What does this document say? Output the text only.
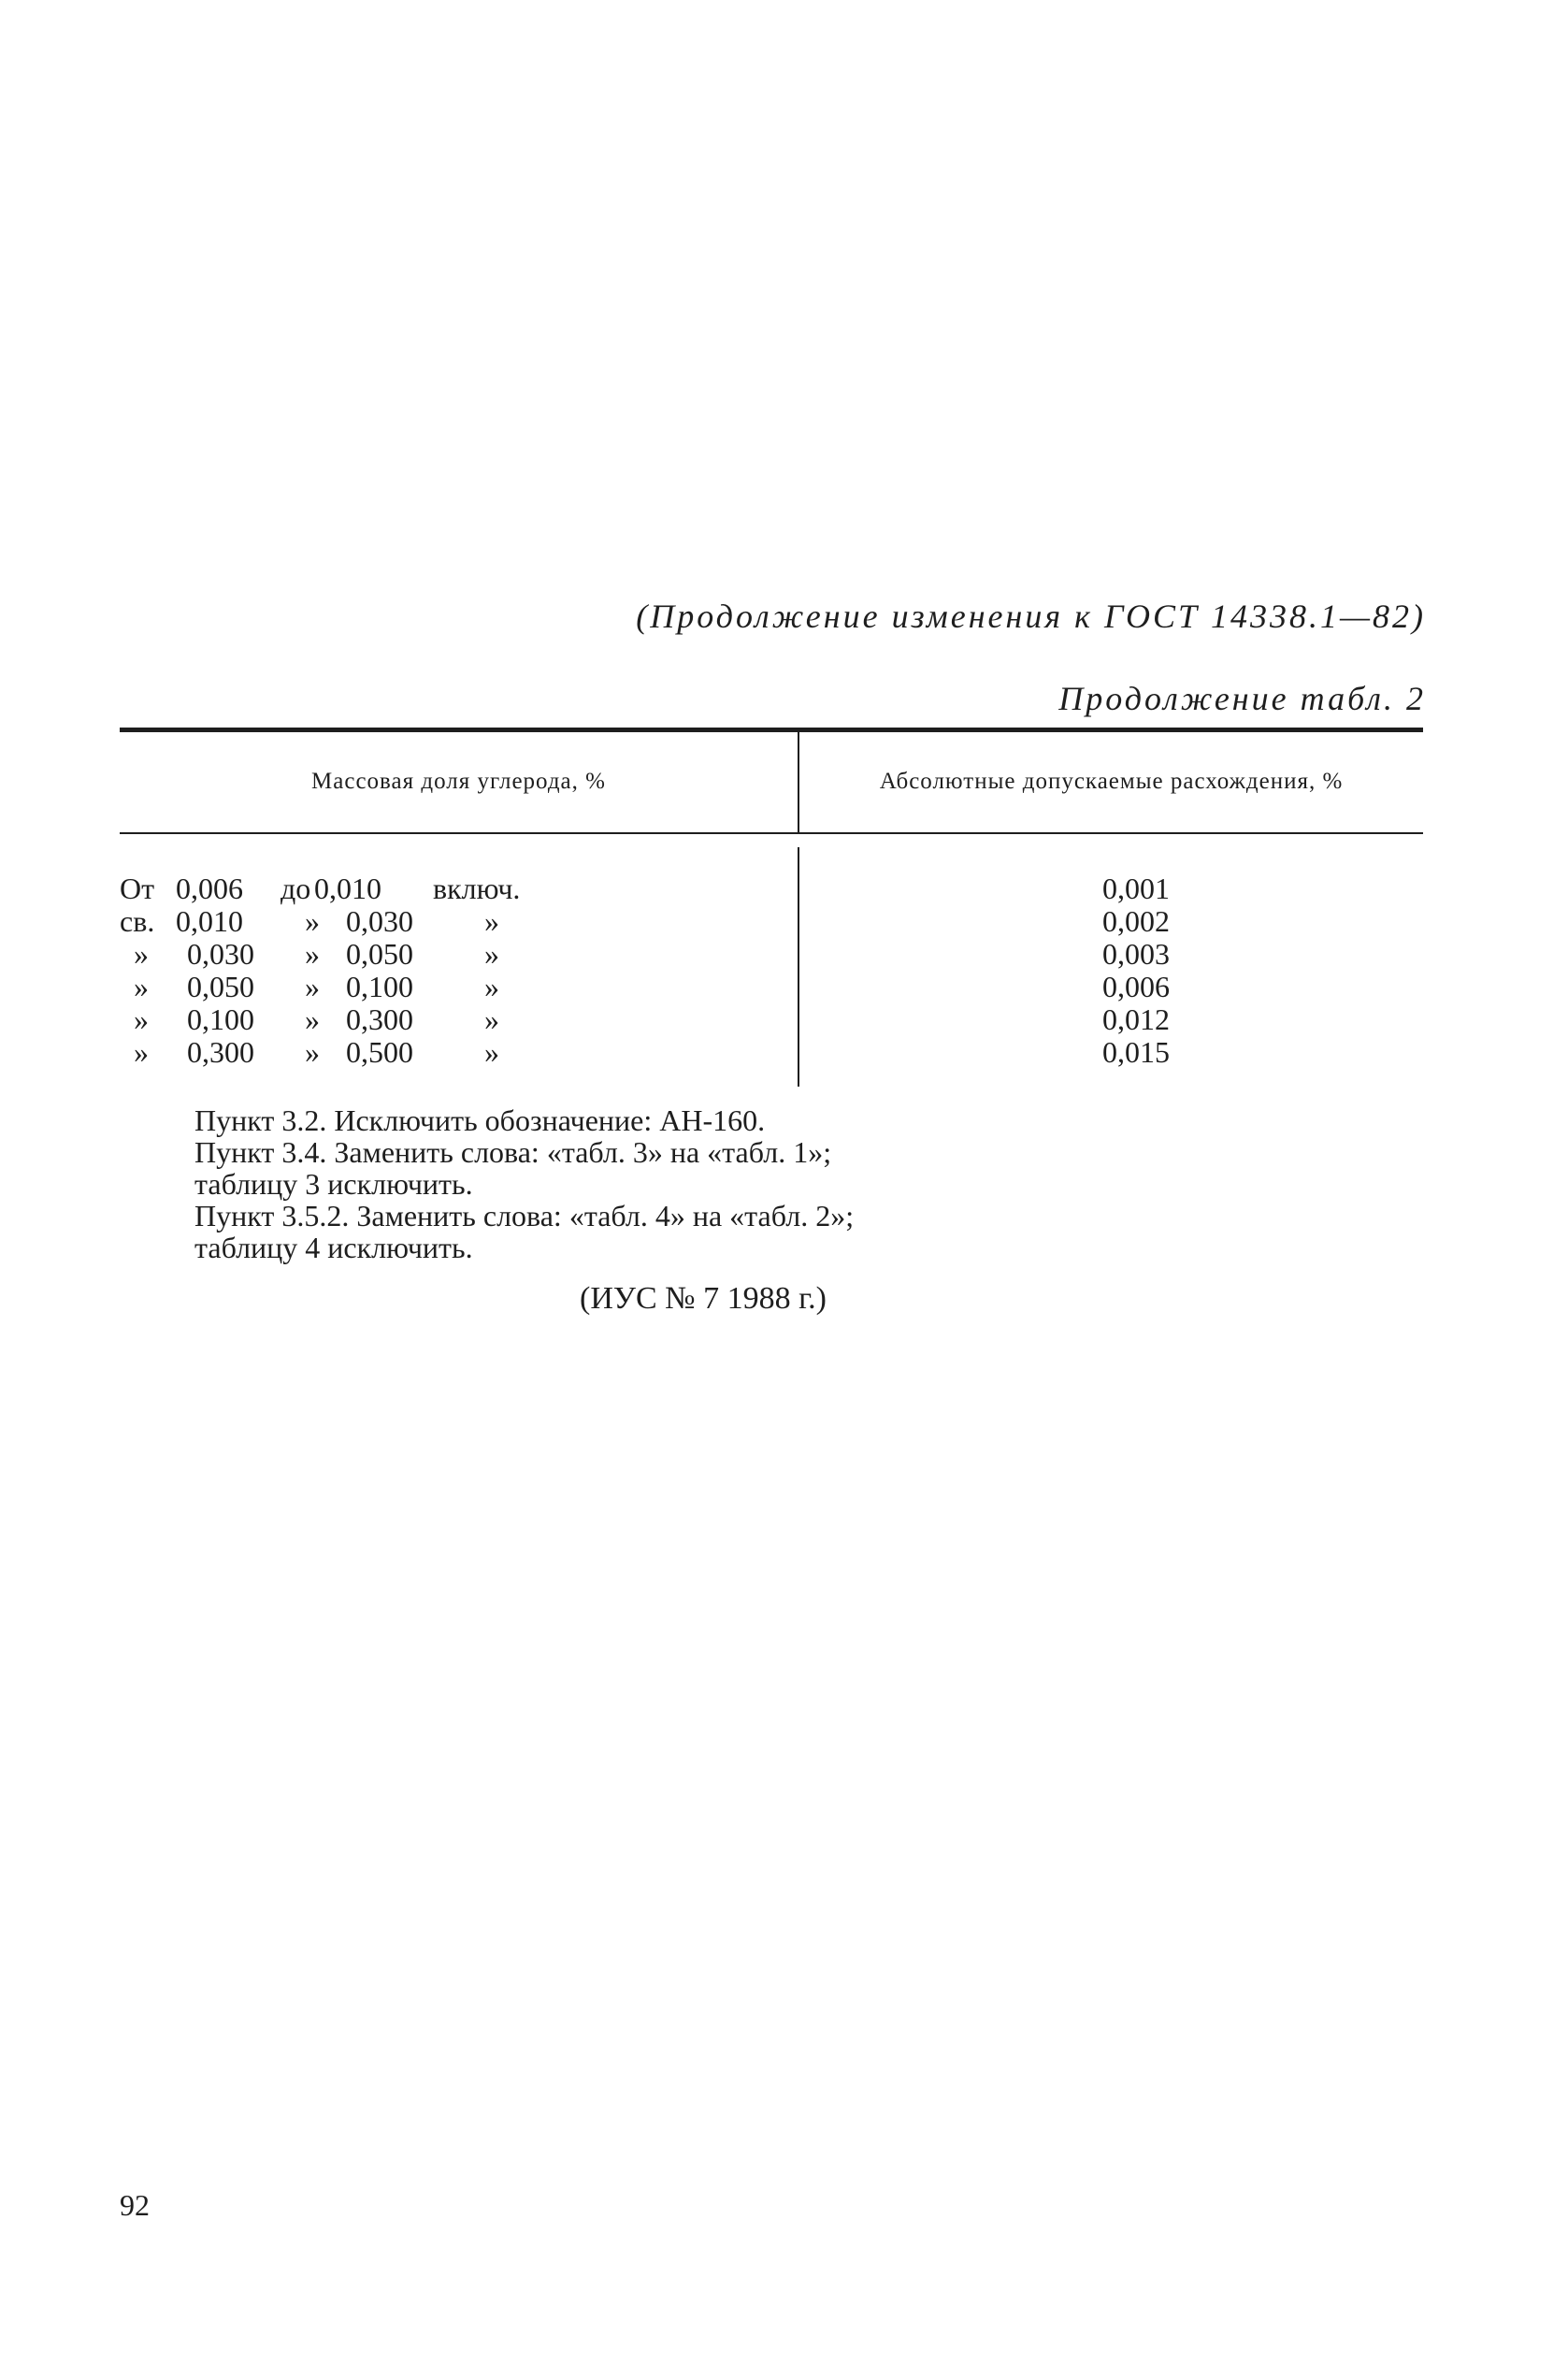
(Продолжение изменения к ГОСТ 14338.1—82)
Продолжение табл. 2
Массовая доля углерода, %	Абсолютные допускаемые расхождения, %
От 0,006 до 0,010 включ.	0,001
св. 0,010 » 0,030 »	0,002
» 0,030 » 0,050 »	0,003
» 0,050 » 0,100 »	0,006
» 0,100 » 0,300 »	0,012
» 0,300 » 0,500 »	0,015
Пункт 3.2. Исключить обозначение: АН-160.
Пункт 3.4. Заменить слова: «табл. 3» на «табл. 1»;
таблицу 3 исключить.
Пункт 3.5.2. Заменить слова: «табл. 4» на «табл. 2»;
таблицу 4 исключить.
(ИУС № 7 1988 г.)
92
